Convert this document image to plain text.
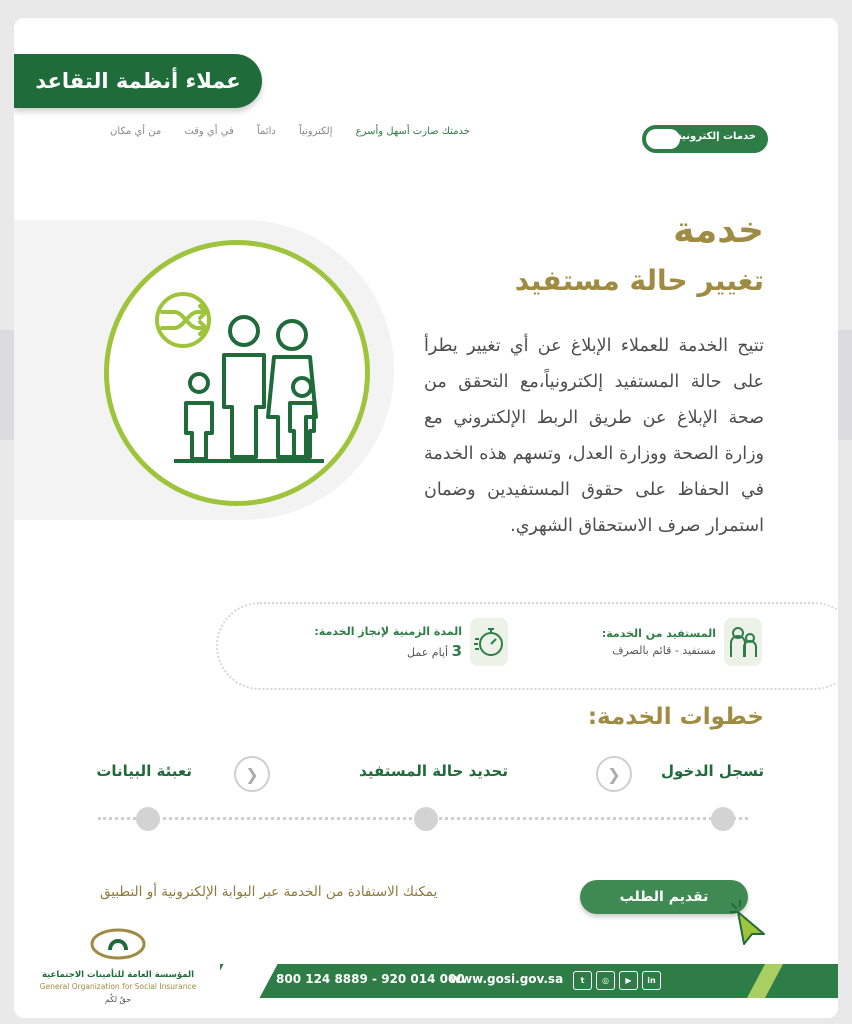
عملاء أنظمة التقاعد
خدمات إلكترونية
خدمتك صارت أسهل وأسرع
إلكترونياً
دائماً
في أي وقت
من أي مكان
خدمة
تغيير حالة مستفيد
تتيح الخدمة للعملاء الإبلاغ عن أي تغيير يطرأ على حالة المستفيد إلكترونياً،مع التحقق من صحة الإبلاغ عن طريق الربط الإلكتروني مع وزارة الصحة ووزارة العدل، وتسهم هذه الخدمة في الحفاظ على حقوق المستفيدين وضمان استمرار صرف الاستحقاق الشهري.
المستفيد من الخدمة:
مستفيد - قائم بالصرف
المدة الزمنية لإنجاز الخدمة:
3 أيام عمل
خطوات الخدمة:
تسجل الدخول
❮
تحديد حالة المستفيد
❮
تعبئة البيانات
يمكنك الاستفادة من الخدمة عبر البوابة الإلكترونية أو التطبيق	تقديم الطلب
800 124 8889 - 920 014 000
www.gosi.gov.sa	t	◎	▶	in
المؤسسة العامة للتأمينات الاجتماعية
General Organization for Social Insurance
حقٌ لكُم
